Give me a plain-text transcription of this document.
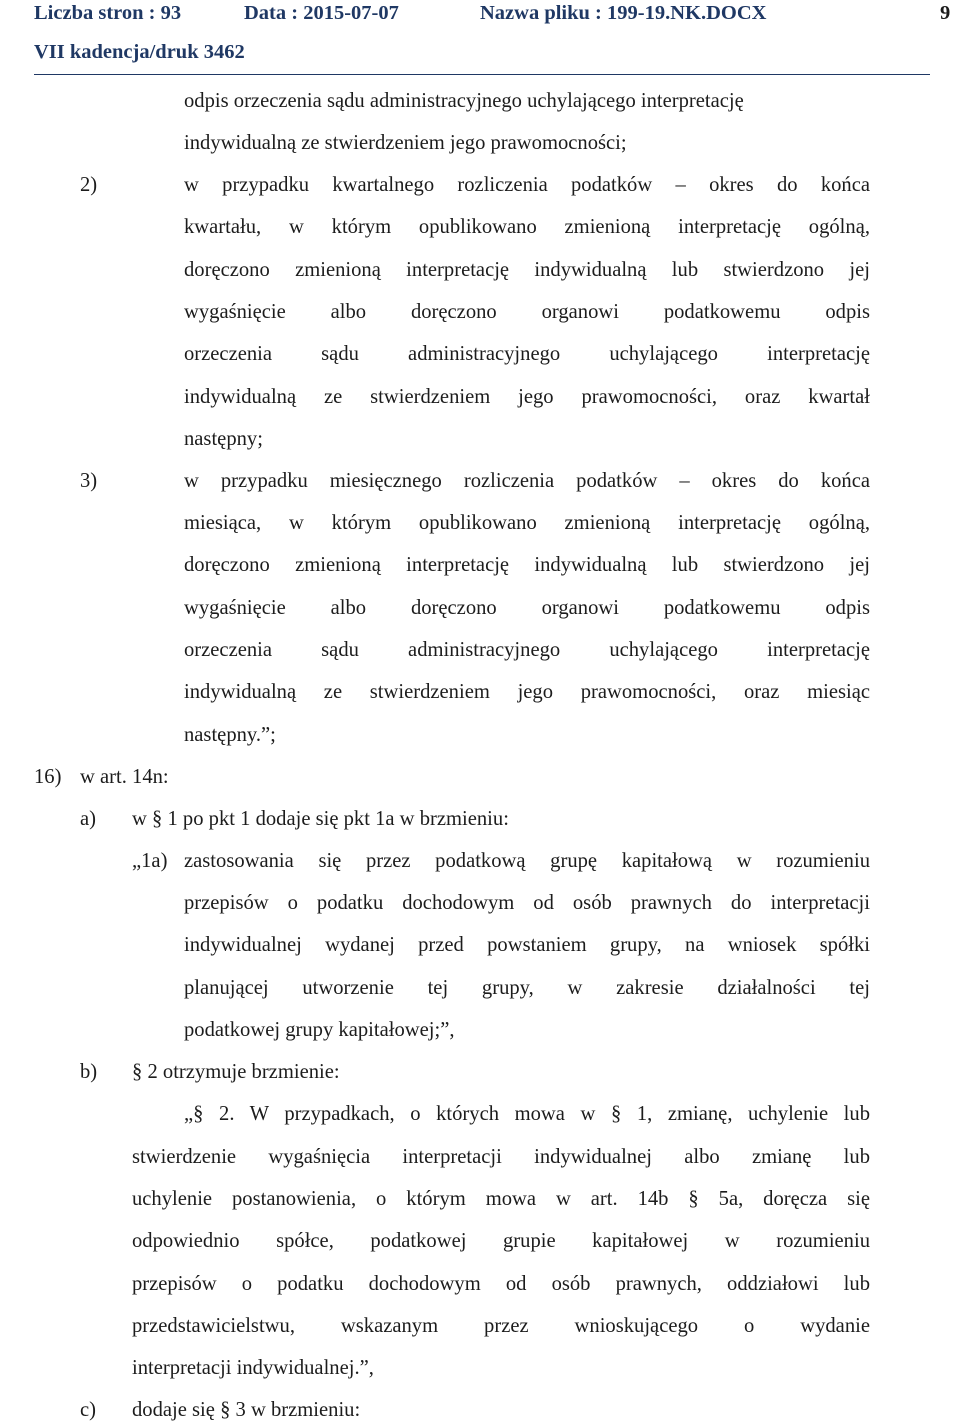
Liczba stron : 93	Data : 2015-07-07	Nazwa pliku : 199-19.NK.DOCX	9
VII kadencja/druk 3462
odpis orzeczenia sądu administracyjnego uchylającego interpretację
indywidualną ze stwierdzeniem jego prawomocności;
2)	w przypadku kwartalnego rozliczenia podatków – okres do końca
kwartału, w którym opublikowano zmienioną interpretację ogólną,
doręczono zmienioną interpretację indywidualną lub stwierdzono jej
wygaśnięcie albo doręczono organowi podatkowemu odpis
orzeczenia sądu administracyjnego uchylającego interpretację
indywidualną ze stwierdzeniem jego prawomocności, oraz kwartał
następny;
3)	w przypadku miesięcznego rozliczenia podatków – okres do końca
miesiąca, w którym opublikowano zmienioną interpretację ogólną,
doręczono zmienioną interpretację indywidualną lub stwierdzono jej
wygaśnięcie albo doręczono organowi podatkowemu odpis
orzeczenia sądu administracyjnego uchylającego interpretację
indywidualną ze stwierdzeniem jego prawomocności, oraz miesiąc
następny.”;
16) w art. 14n:
a) w § 1 po pkt 1 dodaje się pkt 1a w brzmieniu:
„1a) zastosowania się przez podatkową grupę kapitałową w rozumieniu
przepisów o podatku dochodowym od osób prawnych do interpretacji
indywidualnej wydanej przed powstaniem grupy, na wniosek spółki
planującej utworzenie tej grupy, w zakresie działalności tej
podatkowej grupy kapitałowej;”,
b) § 2 otrzymuje brzmienie:
„§ 2. W przypadkach, o których mowa w § 1, zmianę, uchylenie lub
stwierdzenie wygaśnięcia interpretacji indywidualnej albo zmianę lub
uchylenie postanowienia, o którym mowa w art. 14b § 5a, doręcza się
odpowiednio spółce, podatkowej grupie kapitałowej w rozumieniu
przepisów o podatku dochodowym od osób prawnych, oddziałowi lub
przedstawicielstwu, wskazanym przez wnioskującego o wydanie
interpretacji indywidualnej.”,
c) dodaje się § 3 w brzmieniu:
